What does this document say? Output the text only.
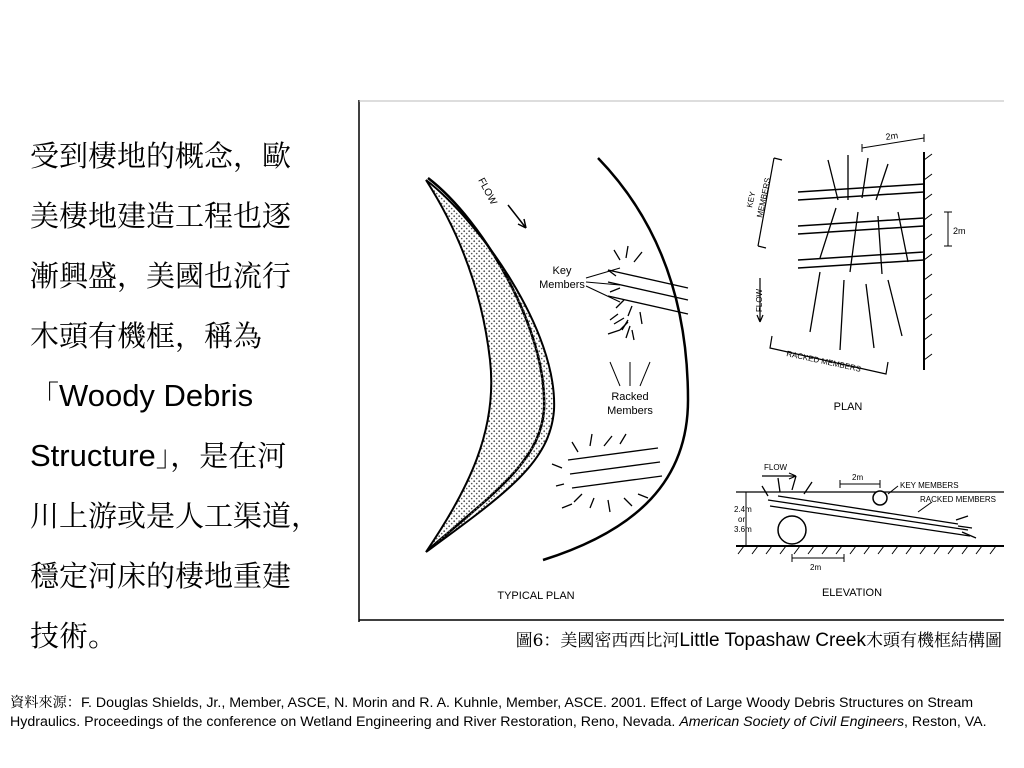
受到棲地的概念，歐
美棲地建造工程也逐
漸興盛，美國也流行
木頭有機框，稱為
「Woody Debris
Structure」，是在河
川上游或是人工渠道，
穩定河床的棲地重建
技術。
FLOW
Key
Members
Racked
Members
TYPICAL PLAN
2m
2m
KEY
MEMBERS
FLOW
RACKED MEMBERS
PLAN
FLOW
2.4m
or
3.6m
2m
2m
KEY MEMBERS
RACKED MEMBERS
ELEVATION
圖6：美國密西西比河Little Topashaw Creek木頭有機框結構圖
資料來源：F. Douglas Shields, Jr., Member, ASCE, N. Morin and R. A. Kuhnle, Member, ASCE. 2001. Effect of Large Woody Debris Structures on Stream Hydraulics. Proceedings of the conference on Wetland Engineering and River Restoration, Reno, Nevada. American Society of Civil Engineers, Reston, VA.
